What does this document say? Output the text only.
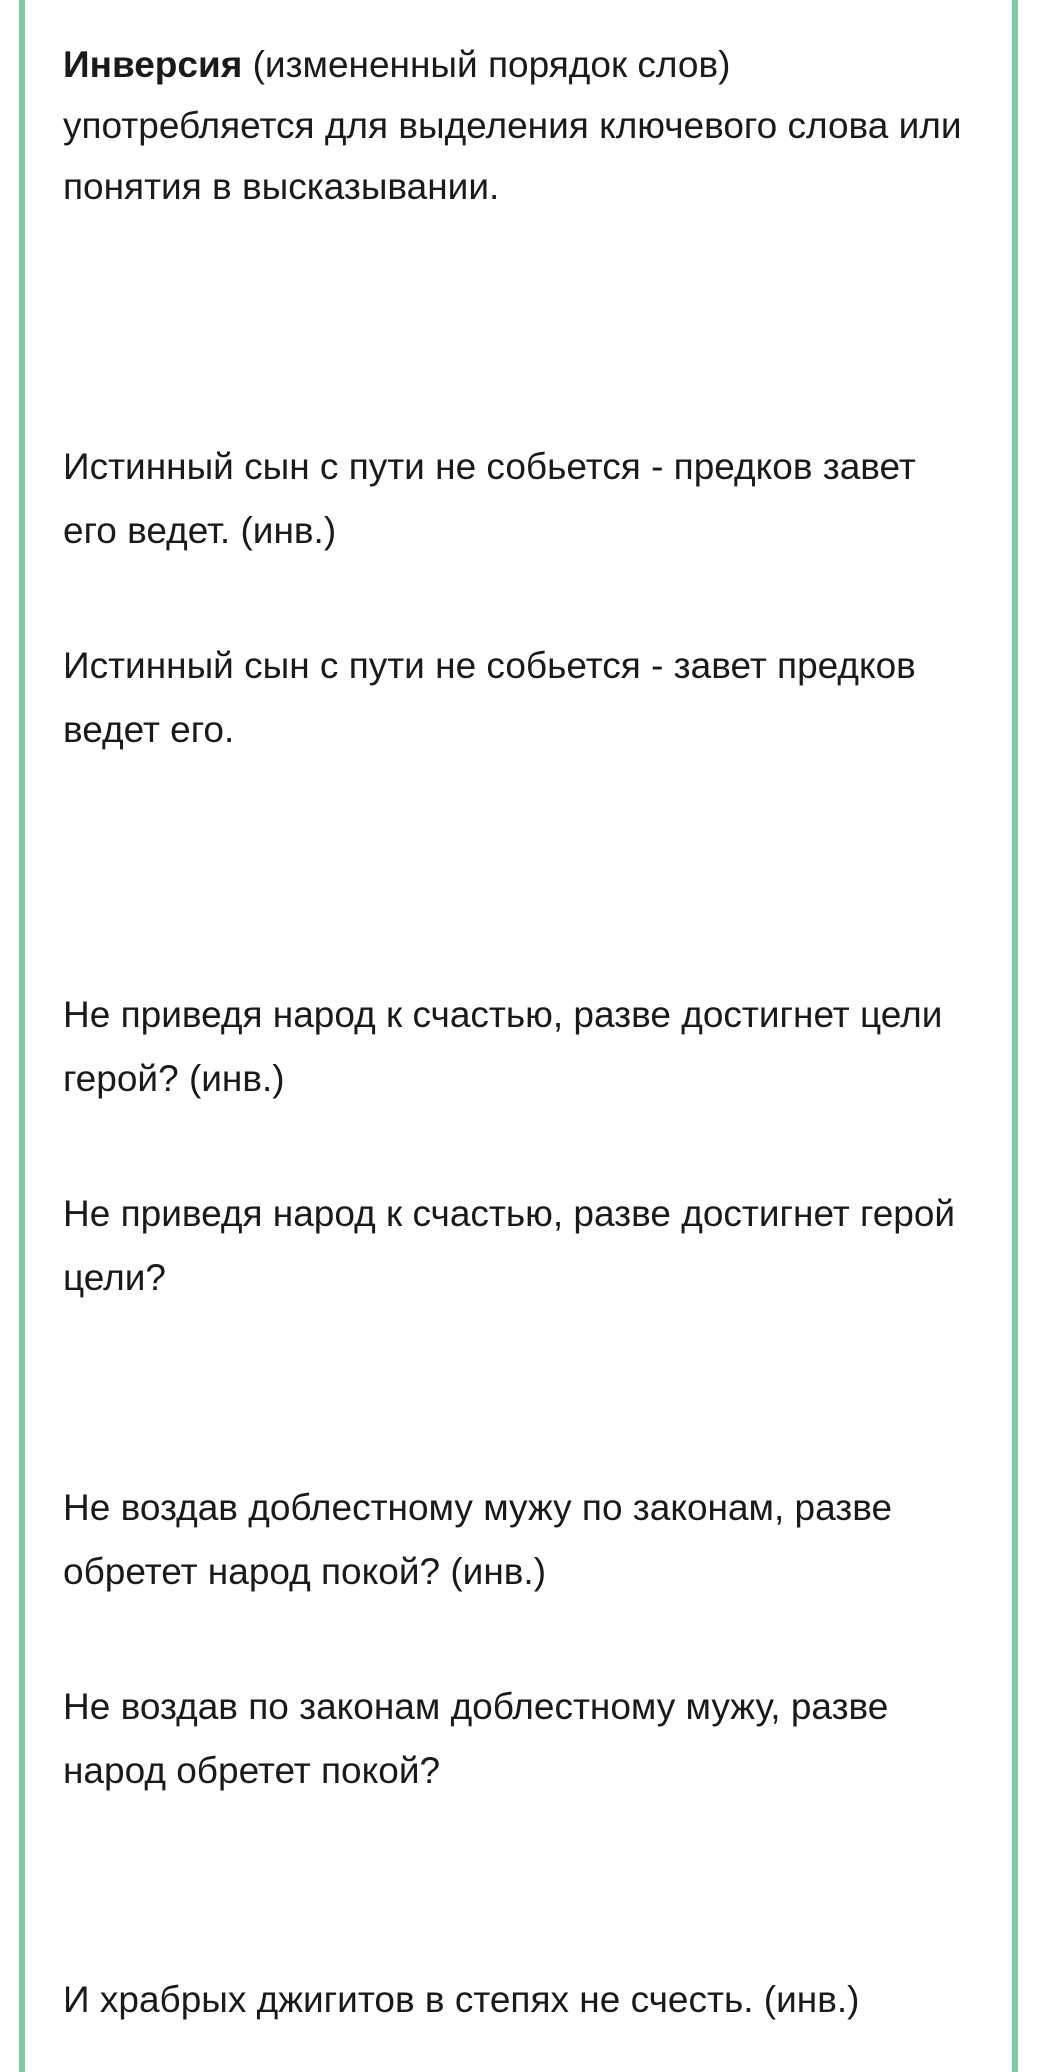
Инверсия (измененный порядок слов) употребляется для выделения ключевого слова или понятия в высказывании.

Истинный сын с пути не собьется - предков завет его ведет. (инв.)

Истинный сын с пути не собьется - завет предков ведет его.

Не приведя народ к счастью, разве достигнет цели герой? (инв.)

Не приведя народ к счастью, разве достигнет герой цели?

Не воздав доблестному мужу по законам, разве обретет народ покой? (инв.)

Не воздав по законам доблестному мужу, разве народ обретет покой?

И храбрых джигитов в степях не счесть. (инв.)
